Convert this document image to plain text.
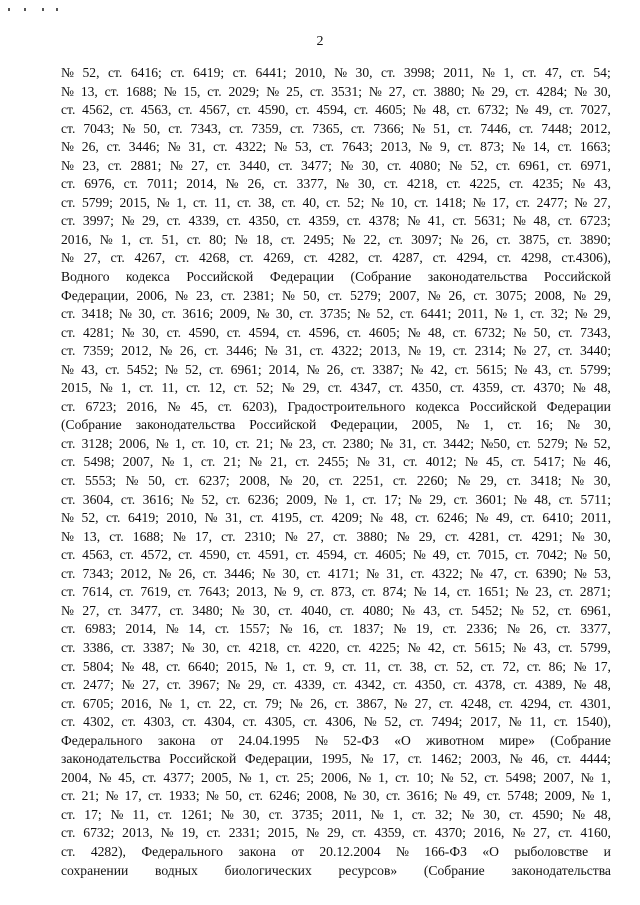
2
№ 52, ст. 6416; ст. 6419; ст. 6441; 2010, № 30, ст. 3998; 2011, № 1, ст. 47, ст. 54;
№ 13, ст. 1688; № 15, ст. 2029; № 25, ст. 3531; № 27, ст. 3880; № 29, ст. 4284; № 30,
ст. 4562, ст. 4563, ст. 4567, ст. 4590, ст. 4594, ст. 4605; № 48, ст. 6732; № 49, ст. 7027,
ст. 7043; № 50, ст. 7343, ст. 7359, ст. 7365, ст. 7366; № 51, ст. 7446, ст. 7448; 2012,
№ 26, ст. 3446; № 31, ст. 4322; № 53, ст. 7643; 2013, № 9, ст. 873; № 14, ст. 1663;
№ 23, ст. 2881; № 27, ст. 3440, ст. 3477; № 30, ст. 4080; № 52, ст. 6961, ст. 6971,
ст. 6976, ст. 7011; 2014, № 26, ст. 3377, № 30, ст. 4218, ст. 4225, ст. 4235; № 43,
ст. 5799; 2015, № 1, ст. 11, ст. 38, ст. 40, ст. 52; № 10, ст. 1418; № 17, ст. 2477; № 27,
ст. 3997; № 29, ст. 4339, ст. 4350, ст. 4359, ст. 4378; № 41, ст. 5631; № 48, ст. 6723;
2016, № 1, ст. 51, ст. 80; № 18, ст. 2495; № 22, ст. 3097; № 26, ст. 3875, ст. 3890;
№ 27, ст. 4267, ст. 4268, ст. 4269, ст. 4282, ст. 4287, ст. 4294, ст. 4298, ст.4306),
Водного кодекса Российской Федерации (Собрание законодательства Российской
Федерации, 2006, № 23, ст. 2381; № 50, ст. 5279; 2007, № 26, ст. 3075; 2008, № 29,
ст. 3418; № 30, ст. 3616; 2009, № 30, ст. 3735; № 52, ст. 6441; 2011, № 1, ст. 32; № 29,
ст. 4281; № 30, ст. 4590, ст. 4594, ст. 4596, ст. 4605; № 48, ст. 6732; № 50, ст. 7343,
ст. 7359; 2012, № 26, ст. 3446; № 31, ст. 4322; 2013, № 19, ст. 2314; № 27, ст. 3440;
№ 43, ст. 5452; № 52, ст. 6961; 2014, № 26, ст. 3387; № 42, ст. 5615; № 43, ст. 5799;
2015, № 1, ст. 11, ст. 12, ст. 52; № 29, ст. 4347, ст. 4350, ст. 4359, ст. 4370; № 48,
ст. 6723; 2016, № 45, ст. 6203), Градостроительного кодекса Российской Федерации
(Собрание законодательства Российской Федерации, 2005, № 1, ст. 16; № 30,
ст. 3128; 2006, № 1, ст. 10, ст. 21; № 23, ст. 2380; № 31, ст. 3442; №50, ст. 5279; № 52,
ст. 5498; 2007, № 1, ст. 21; № 21, ст. 2455; № 31, ст. 4012; № 45, ст. 5417; № 46,
ст. 5553; № 50, ст. 6237; 2008, № 20, ст. 2251, ст. 2260; № 29, ст. 3418; № 30,
ст. 3604, ст. 3616; № 52, ст. 6236; 2009, № 1, ст. 17; № 29, ст. 3601; № 48, ст. 5711;
№ 52, ст. 6419; 2010, № 31, ст. 4195, ст. 4209; № 48, ст. 6246; № 49, ст. 6410; 2011,
№ 13, ст. 1688; № 17, ст. 2310; № 27, ст. 3880; № 29, ст. 4281, ст. 4291; № 30,
ст. 4563, ст. 4572, ст. 4590, ст. 4591, ст. 4594, ст. 4605; № 49, ст. 7015, ст. 7042; № 50,
ст. 7343; 2012, № 26, ст. 3446; № 30, ст. 4171; № 31, ст. 4322; № 47, ст. 6390; № 53,
ст. 7614, ст. 7619, ст. 7643; 2013, № 9, ст. 873, ст. 874; № 14, ст. 1651; № 23, ст. 2871;
№ 27, ст. 3477, ст. 3480; № 30, ст. 4040, ст. 4080; № 43, ст. 5452; № 52, ст. 6961,
ст. 6983; 2014, № 14, ст. 1557; № 16, ст. 1837; № 19, ст. 2336; № 26, ст. 3377,
ст. 3386, ст. 3387; № 30, ст. 4218, ст. 4220, ст. 4225; № 42, ст. 5615; № 43, ст. 5799,
ст. 5804; № 48, ст. 6640; 2015, № 1, ст. 9, ст. 11, ст. 38, ст. 52, ст. 72, ст. 86; № 17,
ст. 2477; № 27, ст. 3967; № 29, ст. 4339, ст. 4342, ст. 4350, ст. 4378, ст. 4389, № 48,
ст. 6705; 2016, № 1, ст. 22, ст. 79; № 26, ст. 3867, № 27, ст. 4248, ст. 4294, ст. 4301,
ст. 4302, ст. 4303, ст. 4304, ст. 4305, ст. 4306, № 52, ст. 7494; 2017, № 11, ст. 1540),
Федерального закона от 24.04.1995 № 52-ФЗ «О животном мире» (Собрание
законодательства Российской Федерации, 1995, № 17, ст. 1462; 2003, № 46, ст. 4444;
2004, № 45, ст. 4377; 2005, № 1, ст. 25; 2006, № 1, ст. 10; № 52, ст. 5498; 2007, № 1,
ст. 21; № 17, ст. 1933; № 50, ст. 6246; 2008, № 30, ст. 3616; № 49, ст. 5748; 2009, № 1,
ст. 17; № 11, ст. 1261; № 30, ст. 3735; 2011, № 1, ст. 32; № 30, ст. 4590; № 48,
ст. 6732; 2013, № 19, ст. 2331; 2015, № 29, ст. 4359, ст. 4370; 2016, № 27, ст. 4160,
ст. 4282), Федерального закона от 20.12.2004 № 166-ФЗ «О рыболовстве и
сохранении водных биологических ресурсов» (Собрание законодательства
